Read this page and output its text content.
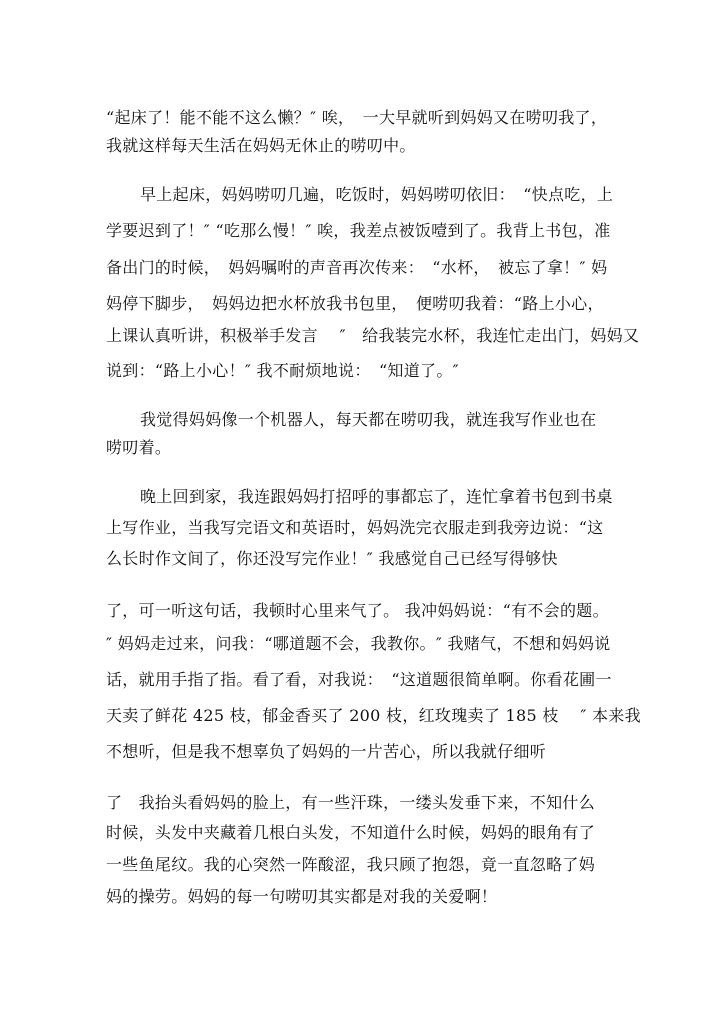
“起床了！能不能不这么懒？″ 唉，　一大早就听到妈妈又在唠叨我了，
我就这样每天生活在妈妈无休止的唠叨中。
早上起床，妈妈唠叨几遍，吃饭时，妈妈唠叨依旧：　“快点吃，上
学要迟到了！″ “吃那么慢！″ 唉，我差点被饭噎到了。我背上书包，准
备出门的时候，　妈妈嘱咐的声音再次传来：　“水杯，　被忘了拿！″ 妈
妈停下脚步，　妈妈边把水杯放我书包里，　便唠叨我着：“路上小心，
上课认真听讲，积极举手发言　 ″　给我装完水杯，我连忙走出门，妈妈又
说到：“路上小心！″ 我不耐烦地说：　“知道了。″
我觉得妈妈像一个机器人，每天都在唠叨我，就连我写作业也在
唠叨着。
晚上回到家，我连跟妈妈打招呼的事都忘了，连忙拿着书包到书桌
上写作业，当我写完语文和英语时，妈妈洗完衣服走到我旁边说：“这
么长时作文间了，你还没写完作业！″ 我感觉自己已经写得够快
了，可一听这句话，我顿时心里来气了。 我冲妈妈说：“有不会的题。
″ 妈妈走过来，问我：“哪道题不会，我教你。″ 我赌气，不想和妈妈说
话，就用手指了指。看了看，对我说：　“这道题很简单啊。你看花圃一
天卖了鲜花 425 枝，郁金香买了 200 枝，红玫瑰卖了 185 枝　 ″ 本来我
不想听，但是我不想辜负了妈妈的一片苦心，所以我就仔细听
了　我抬头看妈妈的脸上，有一些汗珠，一缕头发垂下来，不知什么
时候，头发中夹藏着几根白头发，不知道什么时候，妈妈的眼角有了
一些鱼尾纹。我的心突然一阵酸涩，我只顾了抱怨，竟一直忽略了妈
妈的操劳。妈妈的每一句唠叨其实都是对我的关爱啊！
